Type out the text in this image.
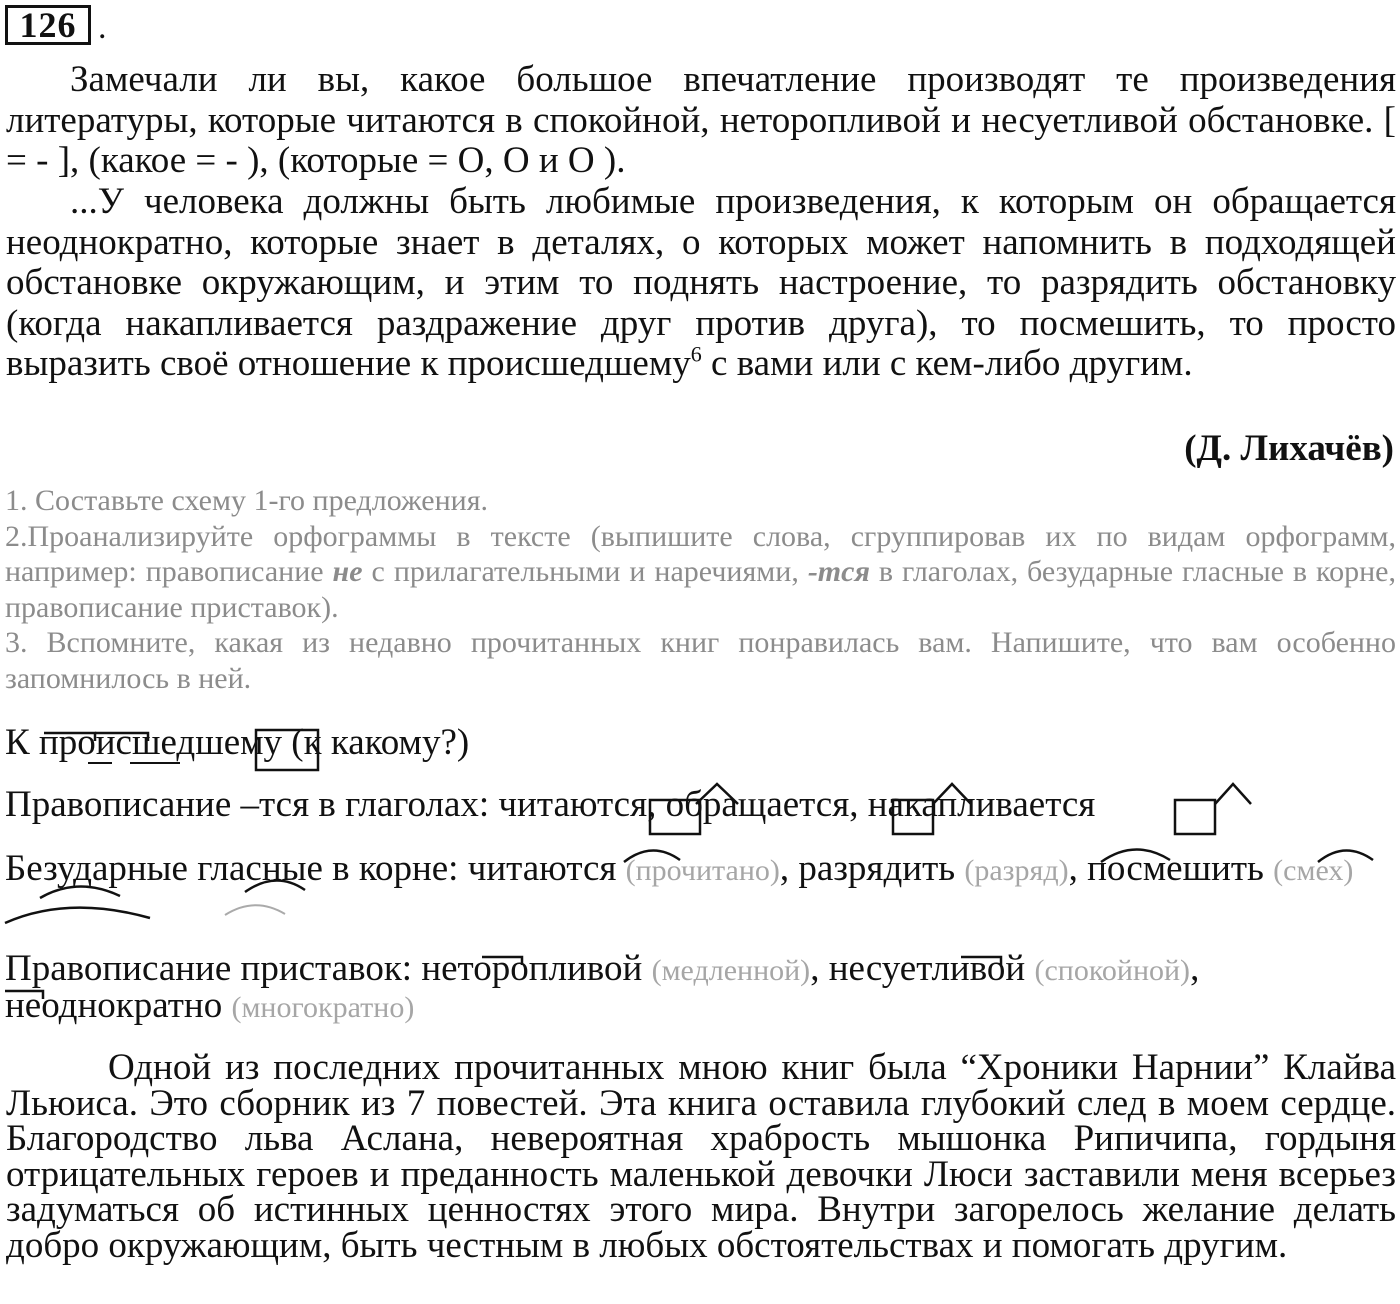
126 .
Замечали ли вы, какое большое впечатление производят те произведения литературы, которые читаются в спокойной, неторопливой и несуетливой обстановке. [ = - ], (какое = - ), (которые = О, О и О ).
...У человека должны быть любимые произведения, к которым он обращается неоднократно, которые знает в деталях, о которых может напомнить в подходящей обстановке окружающим, и этим то поднять настроение, то разрядить обстановку (когда накапливается раздражение друг против друга), то посмешить, то просто выразить своё отношение к происшедшему$^6$ с вами или с кем-либо другим.
(Д. Лихачёв)
1. Составьте схему 1-го предложения.
2.Проанализируйте орфограммы в тексте (выпишите слова, сгруппировав их по видам орфограмм, например: правописание не с прилагательными и наречиями, -тся в глаголах, безударные гласные в корне, правописание приставок).
3. Вспомните, какая из недавно прочитанных книг понравилась вам. Напишите, что вам особенно запомнилось в ней.
К происшедшему (к какому?)
Правописание –тся в глаголах: читаются, обращается, накапливается
Безударные гласные в корне: читаются (прочитано), разрядить (разряд), посмешить (смех)
Правописание приставок: неторопливой (медленной), несуетливой (спокойной),
неоднократно (многократно)
Одной из последних прочитанных мною книг была “Хроники Нарнии” Клайва Льюиса. Это сборник из 7 повестей. Эта книга оставила глубокий след в моем сердце. Благородство льва Аслана, невероятная храбрость мышонка Рипичипа, гордыня отрицательных героев и преданность маленькой девочки Люси заставили меня всерьез задуматься об истинных ценностях этого мира. Внутри загорелось желание делать добро окружающим, быть честным в любых обстоятельствах и помогать другим.
